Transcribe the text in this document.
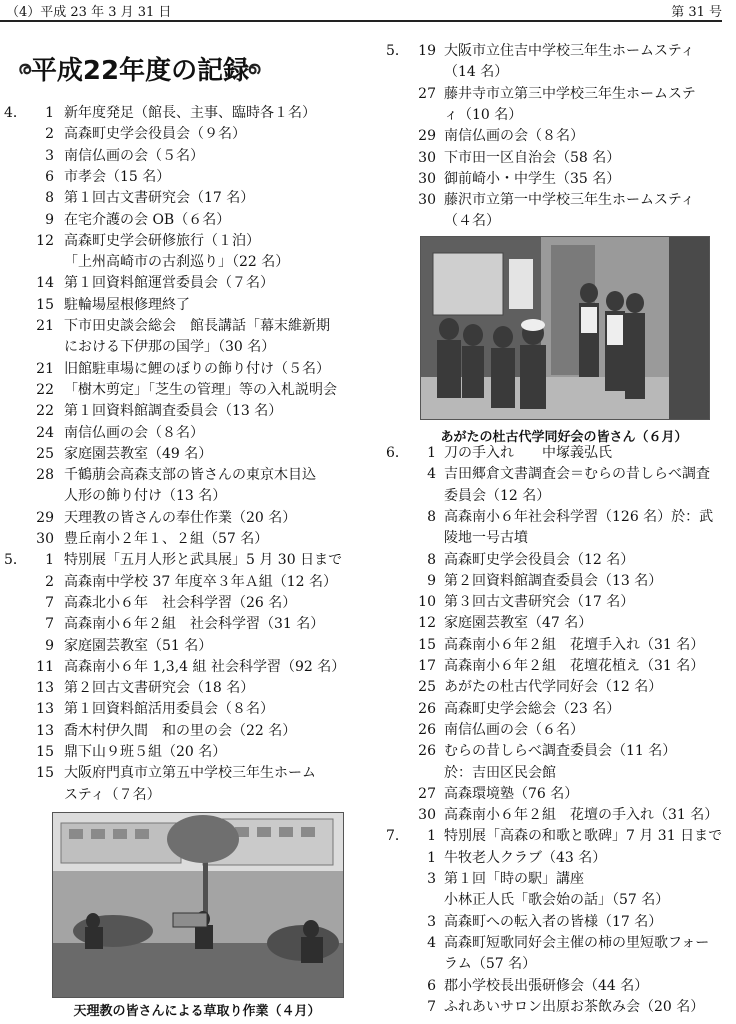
（4）平成 23 年 3 月 31 日	第 31 号
ര 平成22年度の記録 ര
4．	1 新年度発足（館長、主事、臨時各１名）
2 高森町史学会役員会（９名）
3 南信仏画の会（５名）
6 市孝会（15 名）
8 第１回古文書研究会（17 名）
9 在宅介護の会 OB（６名）
12 高森町史学会研修旅行（１泊）
「上州高崎市の古刹巡り」（22 名）
14 第１回資料館運営委員会（７名）
15 駐輪場屋根修理終了
21 下市田史談会総会　館長講話「幕末維新期
における下伊那の国学」（30 名）
21 旧館駐車場に鯉のぼりの飾り付け（５名）
22 「樹木剪定」「芝生の管理」等の入札説明会
22 第１回資料館調査委員会（13 名）
24 南信仏画の会（８名）
25 家庭園芸教室（49 名）
28 千鶴萠会高森支部の皆さんの東京木目込
人形の飾り付け（13 名）
29 天理教の皆さんの奉仕作業（20 名）
30 豊丘南小２年１、２組（57 名）
5．	1 特別展「五月人形と武具展」5 月 30 日まで
2 高森南中学校 37 年度卒３年Ａ組（12 名）
7 高森北小６年　社会科学習（26 名）
7 高森南小６年２組　社会科学習（31 名）
9 家庭園芸教室（51 名）
11 高森南小６年 1,3,4 組 社会科学習（92 名）
13 第２回古文書研究会（18 名）
13 第１回資料館活用委員会（８名）
13 喬木村伊久間　和の里の会（22 名）
15 鼎下山９班５組（20 名）
15 大阪府門真市立第五中学校三年生ホーム
スティ（７名）
5． 19 大阪市立住吉中学校三年生ホームスティ
（14 名）
27 藤井寺市立第三中学校三年生ホームステ
ィ（10 名）
29 南信仏画の会（８名）
30 下市田一区自治会（58 名）
30 御前崎小・中学生（35 名）
30 藤沢市立第一中学校三年生ホームスティ
（４名）
6．	1 刀の手入れ　　中塚義弘氏
4 吉田郷倉文書調査会＝むらの昔しらべ調査
委員会（12 名）
8 高森南小６年社会科学習（126 名）於：武
陵地一号古墳
8 高森町史学会役員会（12 名）
9 第２回資料館調査委員会（13 名）
10 第３回古文書研究会（17 名）
12 家庭園芸教室（47 名）
15 高森南小６年２組　花壇手入れ（31 名）
17 高森南小６年２組　花壇花植え（31 名）
25 あがたの杜古代学同好会（12 名）
26 高森町史学会総会（23 名）
26 南信仏画の会（６名）
26 むらの昔しらべ調査委員会（11 名）
於：吉田区民会館
27 高森環境塾（76 名）
30 高森南小６年２組　花壇の手入れ（31 名）
7．	1 特別展「高森の和歌と歌碑」7 月 31 日まで
1 牛牧老人クラブ（43 名）
3 第１回「時の駅」講座
小林正人氏「歌会始の話」（57 名）
3 高森町への転入者の皆様（17 名）
4 高森町短歌同好会主催の柿の里短歌フォー
ラム（57 名）
6 郡小学校長出張研修会（44 名）
7 ふれあいサロン出原お茶飲み会（20 名）
あがたの杜古代学同好会の皆さん（６月）
天理教の皆さんによる草取り作業（４月）
